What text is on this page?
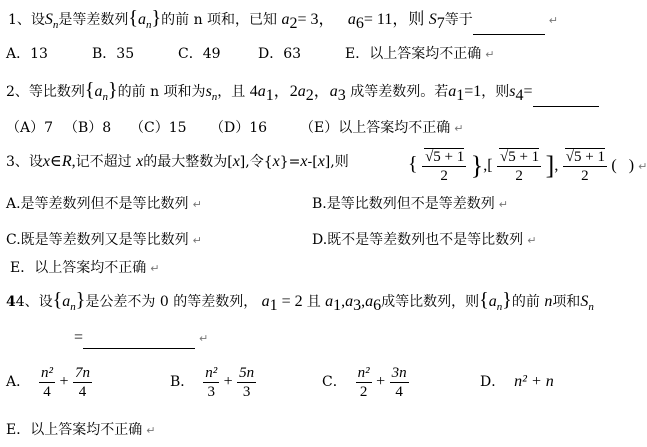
1、设$S_n$是等差数列$\{a_n\}$的前 n 项和，已知 $a_2= 3$， $a_6= 11$，则 $S_7$等于	↵
A．13	B．35	C．49	D．63	E．以上答案均不正确 ↵
2、等比数列$\{a_n\}$的前 n 项和为$s_n$，且 $4a_1$，$2a_2$，$a_3$ 成等差数列。若$a_1=1$，则$s_4=$
（A）7 （B）8 （C）15 （D）16 （E）以上答案均不正确 ↵
3、设x∈R,记不超过 x的最大整数为[x],令{x}=x-[x],则	{ $\frac{√5 + 1}{2}$ },[ $\frac{√5 + 1}{2}$ ], $\frac{√5 + 1}{2}$ (   ) ↵
A.是等差数列但不是等比数列 ↵	B.是等比数列但不是等差数列 ↵
C.既是等差数列又是等比数列 ↵	D.既不是等差数列也不是等比数列 ↵
E．以上答案均不正确 ↵
44、设$\{a_n\}$是公差不为 0 的等差数列， $a_1 = 2$ 且 $a_1,a_3,a_6$成等比数列，则$\{a_n\}$的前 n项和$S_n$
=	↵
A． $\frac{\text{n²}}{4} + \frac{7n}{4}$	B． $\frac{\text{n²}}{3} + \frac{5n}{3}$	C． $\frac{\text{n²}}{2} + \frac{3n}{4}$	D． n² + n
E．以上答案均不正确 ↵
